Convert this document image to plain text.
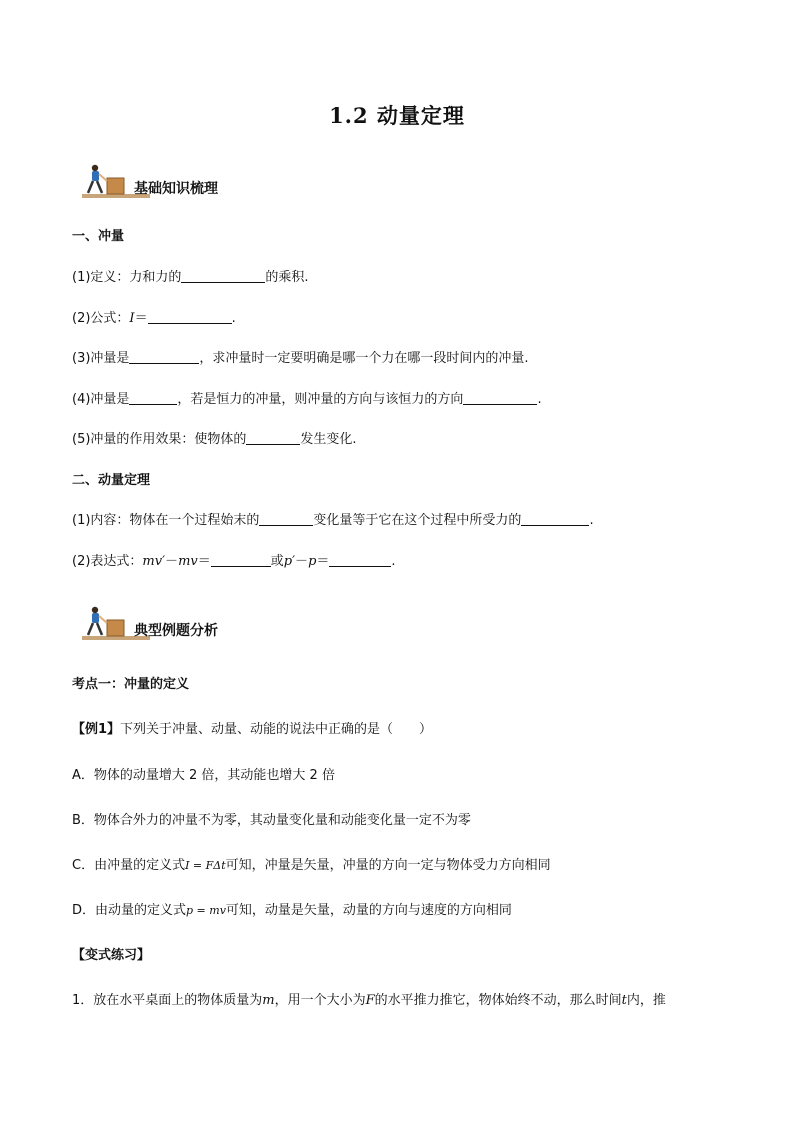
1.2 动量定理
基础知识梳理
一、冲量
(1)定义：力和力的	的乘积.
(2)公式：I＝	.
(3)冲量是	，求冲量时一定要明确是哪一个力在哪一段时间内的冲量.
(4)冲量是	，若是恒力的冲量，则冲量的方向与该恒力的方向	.
(5)冲量的作用效果：使物体的	发生变化.
二、动量定理
(1)内容：物体在一个过程始末的	变化量等于它在这个过程中所受力的	.
(2)表达式：mv′－mv＝	或p′－p＝	.
典型例题分析
考点一：冲量的定义
【例1】下列关于冲量、动量、动能的说法中正确的是（　　）
A．物体的动量增大 2 倍，其动能也增大 2 倍
B．物体合外力的冲量不为零，其动量变化量和动能变化量一定不为零
C．由冲量的定义式I = FΔt可知，冲量是矢量，冲量的方向一定与物体受力方向相同
D．由动量的定义式p = mv可知，动量是矢量，动量的方向与速度的方向相同
【变式练习】
1．放在水平桌面上的物体质量为m，用一个大小为F的水平推力推它，物体始终不动，那么时间t内，推
